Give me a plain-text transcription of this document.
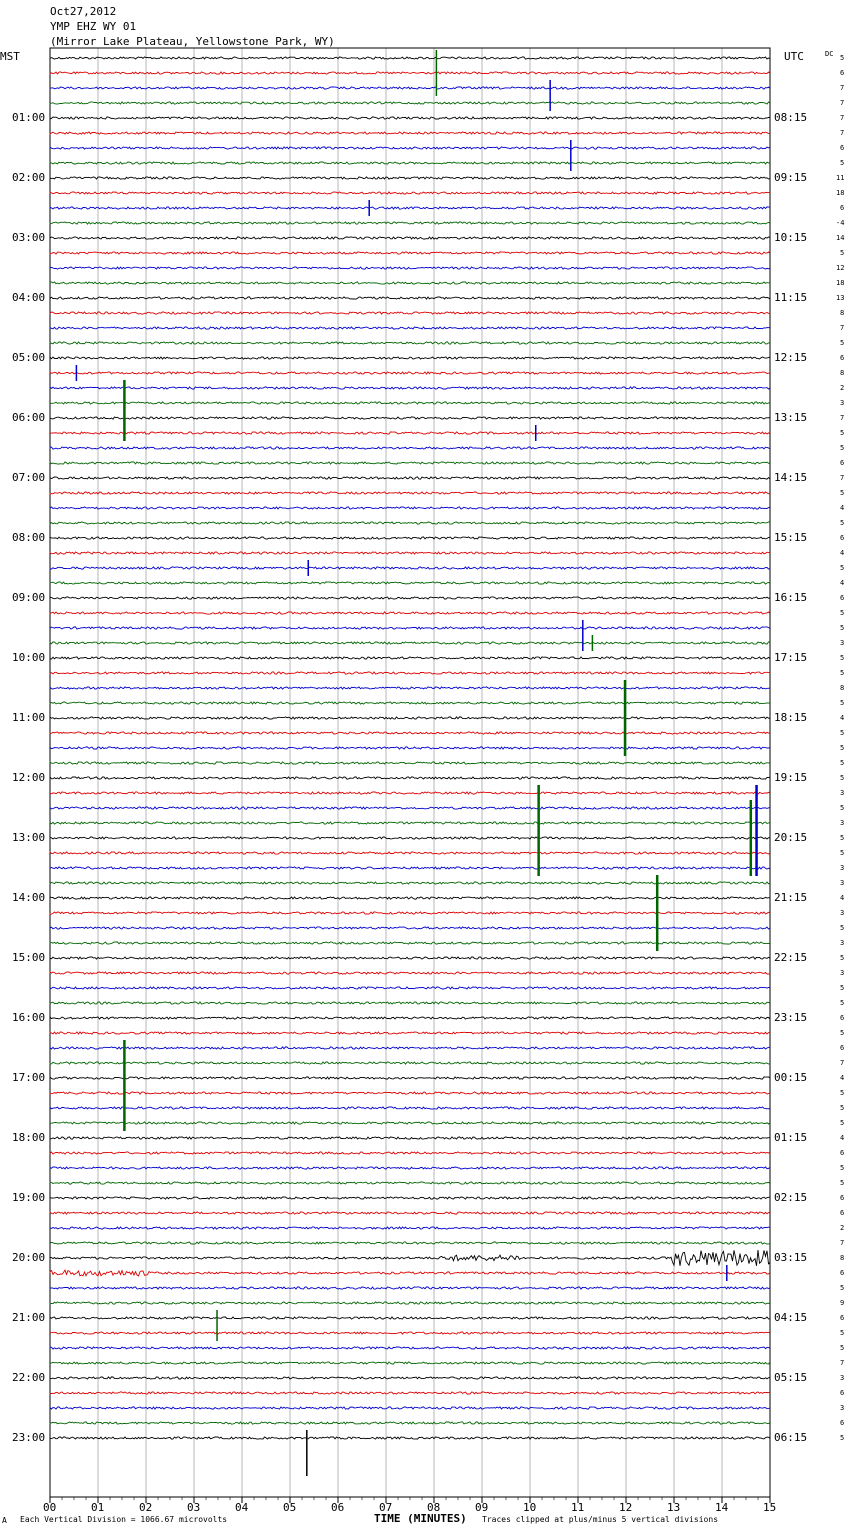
Oct27,2012
YMP EHZ WY 01
(Mirror Lake Plateau, Yellowstone Park, WY)
MST	UTC	DC
01:00	08:15
02:00	09:15
03:00	10:15
04:00	11:15
05:00	12:15
06:00	13:15
07:00	14:15
08:00	15:15
09:00	16:15
10:00	17:15
11:00	18:15
12:00	19:15
13:00	20:15
14:00	21:15
15:00	22:15
16:00	23:15
17:00	00:15
18:00	01:15
19:00	02:15
20:00	03:15
21:00	04:15
22:00	05:15
23:00	06:15
5
6
7
7
7
7
6
5
11
18
6
-4
14
5
12
18
13
8
7
5
6
8
2
3
7
5
5
6
7
5
4
5
6
4
5
4
6
5
5
3
5
5
8
5
4
5
5
5
5
3
5
3
5
5
3
3
4
3
5
3
5
3
5
5
6
5
6
7
4
5
5
5
4
6
5
5
6
6
2
7
8
6
5
9
6
5
5
7
3
6
3
6
5
00	01	02	03	04	05	06	07	08	09	10	11	12	13	14	15
A Each Vertical Division = 1066.67 microvolts	TIME (MINUTES) Traces clipped at plus/minus 5 vertical divisions
